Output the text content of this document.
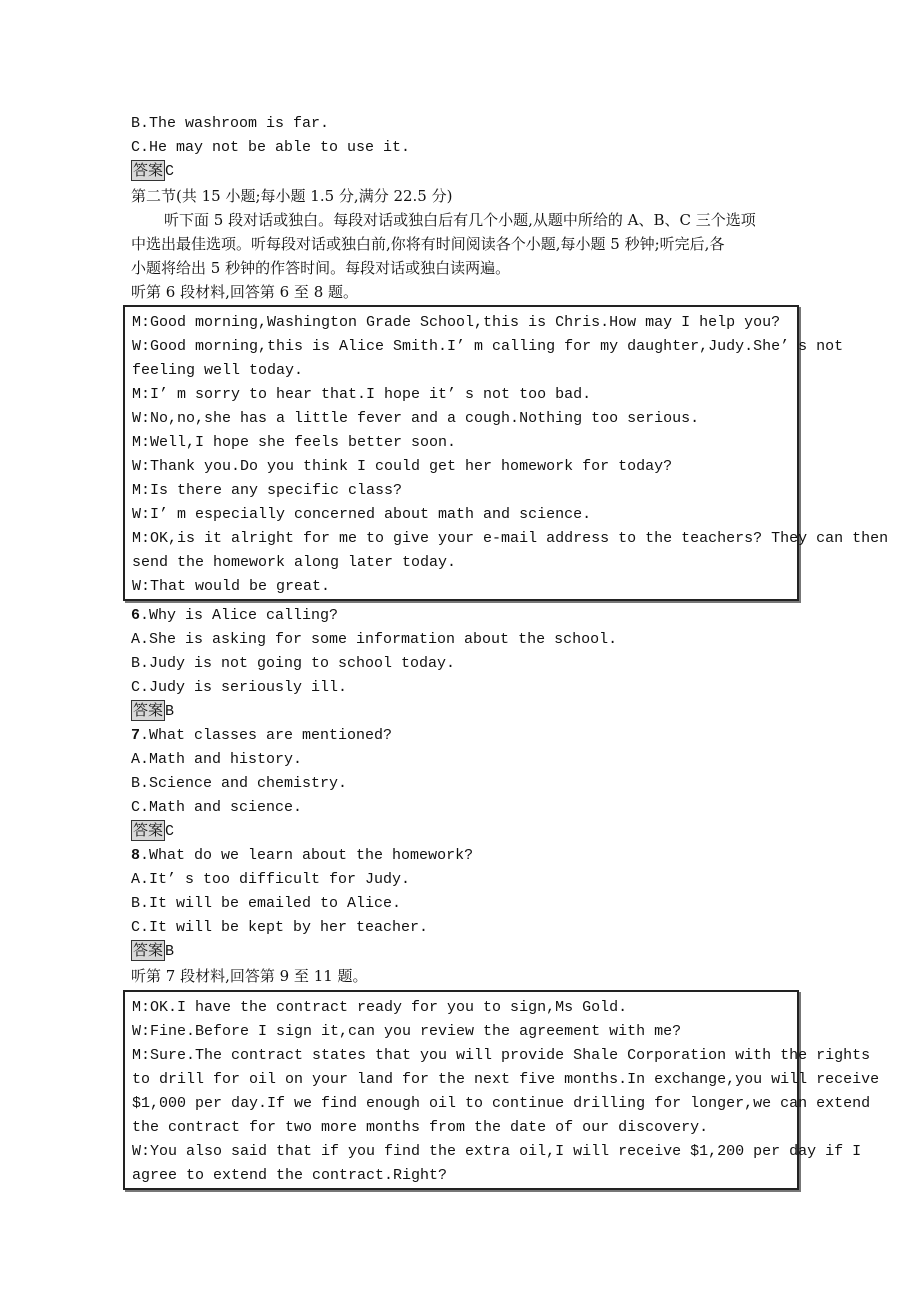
B.The washroom is far.
C.He may not be able to use it.
答案 C
第二节(共 15 小题;每小题 1.5 分,满分 22.5 分)
听下面 5 段对话或独白。每段对话或独白后有几个小题,从题中所给的 A、B、C 三个选项
中选出最佳选项。听每段对话或独白前,你将有时间阅读各个小题,每小题 5 秒钟;听完后,各
小题将给出 5 秒钟的作答时间。每段对话或独白读两遍。
听第 6 段材料,回答第 6 至 8 题。
M:Good morning,Washington Grade School,this is Chris.How may I help you?
W:Good morning,this is Alice Smith.I’ m calling for my daughter,Judy.She’ s not
feeling well today.
M:I’ m sorry to hear that.I hope it’ s not too bad.
W:No,no,she has a little fever and a cough.Nothing too serious.
M:Well,I hope she feels better soon.
W:Thank you.Do you think I could get her homework for today?
M:Is there any specific class?
W:I’ m especially concerned about math and science.
M:OK,is it alright for me to give your e-mail address to the teachers? They can then
send the homework along later today.
W:That would be great.
6.Why is Alice calling?
A.She is asking for some information about the school.
B.Judy is not going to school today.
C.Judy is seriously ill.
答案 B
7.What classes are mentioned?
A.Math and history.
B.Science and chemistry.
C.Math and science.
答案 C
8.What do we learn about the homework?
A.It’ s too difficult for Judy.
B.It will be emailed to Alice.
C.It will be kept by her teacher.
答案 B
听第 7 段材料,回答第 9 至 11 题。
M:OK.I have the contract ready for you to sign,Ms Gold.
W:Fine.Before I sign it,can you review the agreement with me?
M:Sure.The contract states that you will provide Shale Corporation with the rights
to drill for oil on your land for the next five months.In exchange,you will receive
$1,000 per day.If we find enough oil to continue drilling for longer,we can extend
the contract for two more months from the date of our discovery.
W:You also said that if you find the extra oil,I will receive $1,200 per day if I
agree to extend the contract.Right?
